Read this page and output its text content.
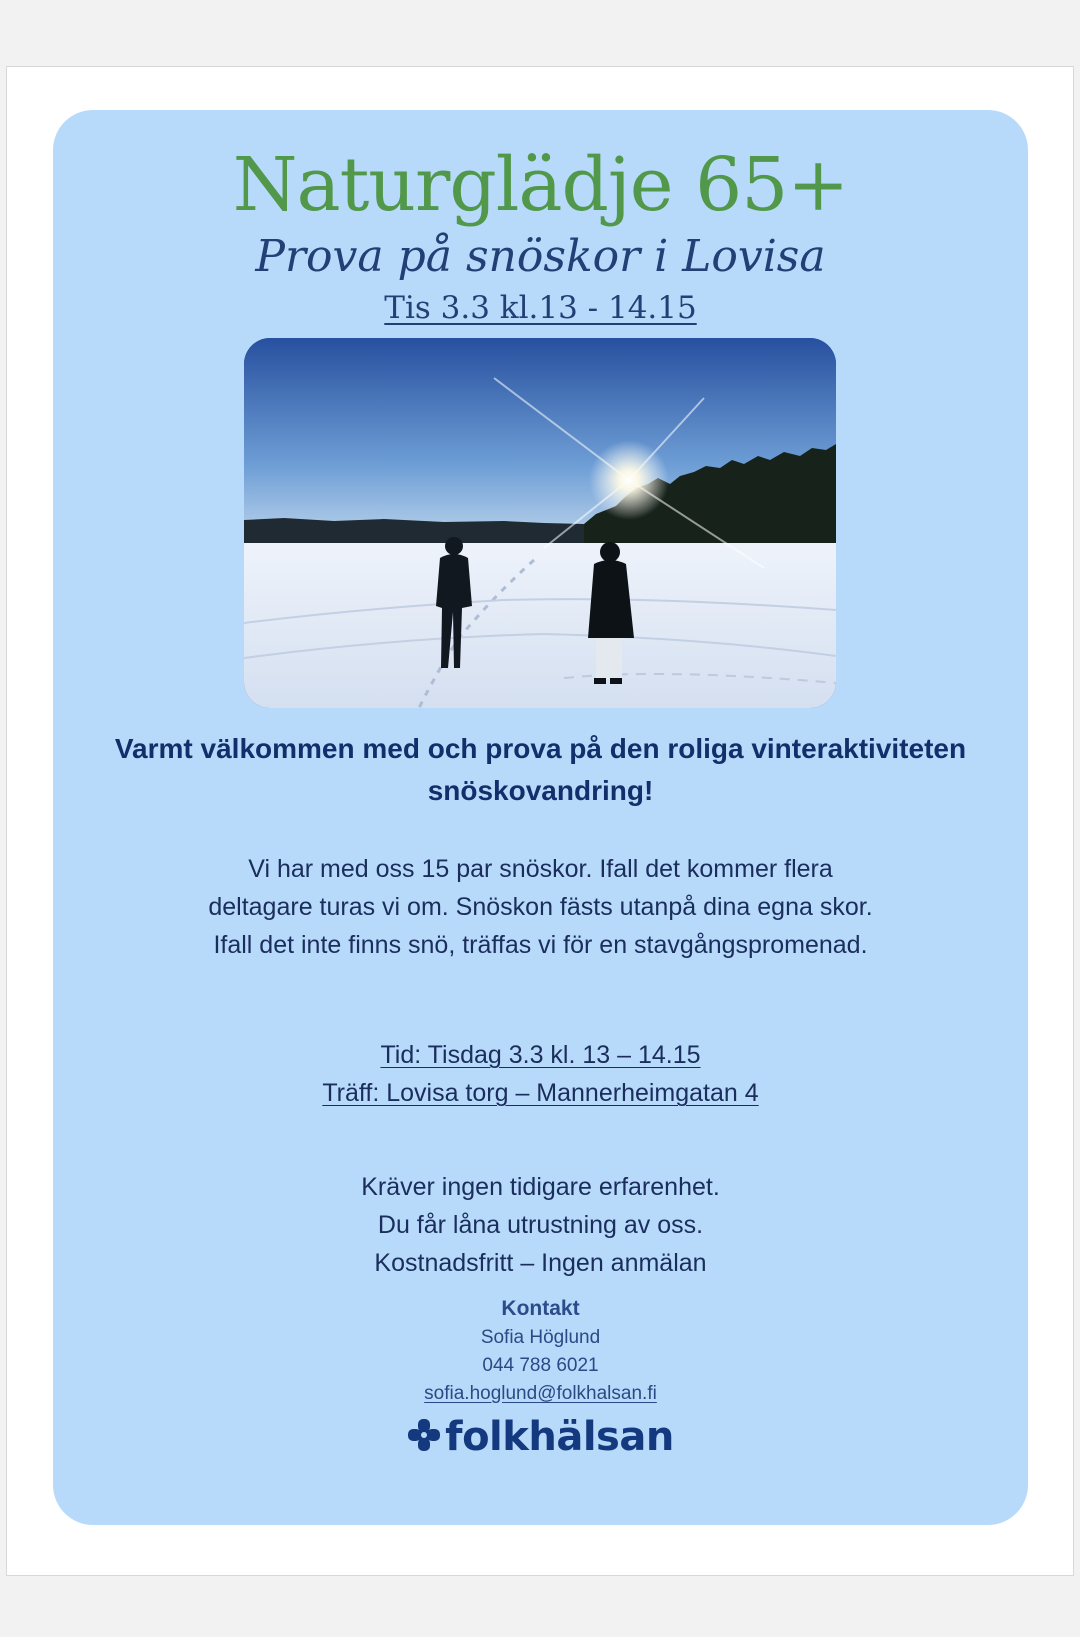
Naturglädje 65+
Prova på snöskor i Lovisa
Tis 3.3 kl.13 - 14.15

Varmt välkommen med och prova på den roliga vinteraktiviteten snöskovandring!

Vi har med oss 15 par snöskor. Ifall det kommer flera deltagare turas vi om. Snöskon fästs utanpå dina egna skor. Ifall det inte finns snö, träffas vi för en stavgångspromenad.

Tid: Tisdag 3.3 kl. 13 – 14.15
Träff: Lovisa torg – Mannerheimgatan 4
Kräver ingen tidigare erfarenhet.
Du får låna utrustning av oss.
Kostnadsfritt – Ingen anmälan
Kontakt
Sofia Höglund
044 788 6021
sofia.hoglund@folkhalsan.fi
folkhälsan
